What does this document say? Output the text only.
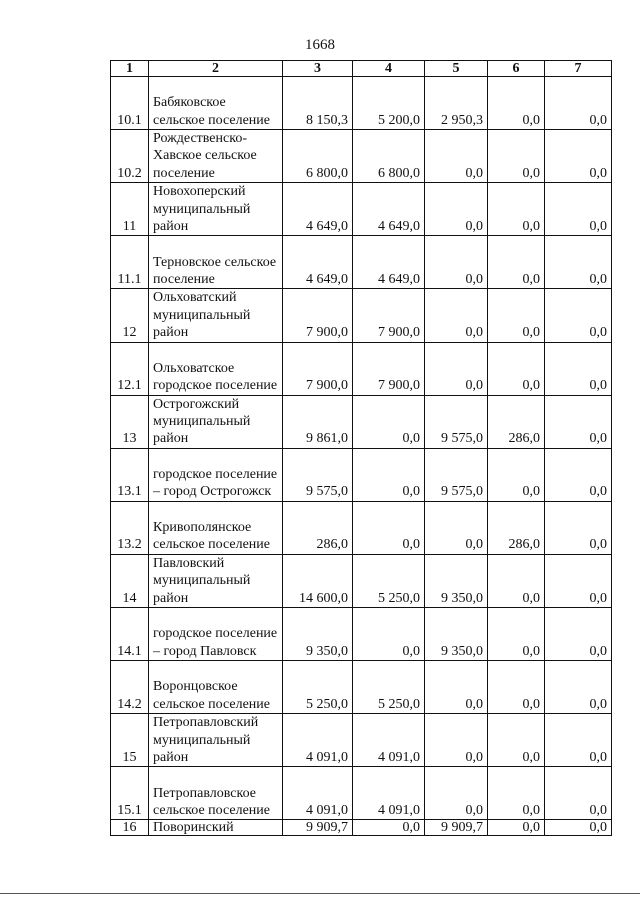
1668
1	2	3	4	5	6	7
10.1	Бабяковское сельское поселение	8 150,3	5 200,0	2 950,3	0,0	0,0
10.2	Рождественско-Хавское сельское поселение	6 800,0	6 800,0	0,0	0,0	0,0
11	Новохоперский муниципальный район	4 649,0	4 649,0	0,0	0,0	0,0
11.1	Терновское сельское поселение	4 649,0	4 649,0	0,0	0,0	0,0
12	Ольховатский муниципальный район	7 900,0	7 900,0	0,0	0,0	0,0
12.1	Ольховатское городское поселение	7 900,0	7 900,0	0,0	0,0	0,0
13	Острогожский муниципальный район	9 861,0	0,0	9 575,0	286,0	0,0
13.1	городское поселение – город Острогожск	9 575,0	0,0	9 575,0	0,0	0,0
13.2	Кривополянское сельское поселение	286,0	0,0	0,0	286,0	0,0
14	Павловский муниципальный район	14 600,0	5 250,0	9 350,0	0,0	0,0
14.1	городское поселение – город Павловск	9 350,0	0,0	9 350,0	0,0	0,0
14.2	Воронцовское сельское поселение	5 250,0	5 250,0	0,0	0,0	0,0
15	Петропавловский муниципальный район	4 091,0	4 091,0	0,0	0,0	0,0
15.1	Петропавловское сельское поселение	4 091,0	4 091,0	0,0	0,0	0,0
16	Поворинский	9 909,7	0,0	9 909,7	0,0	0,0
